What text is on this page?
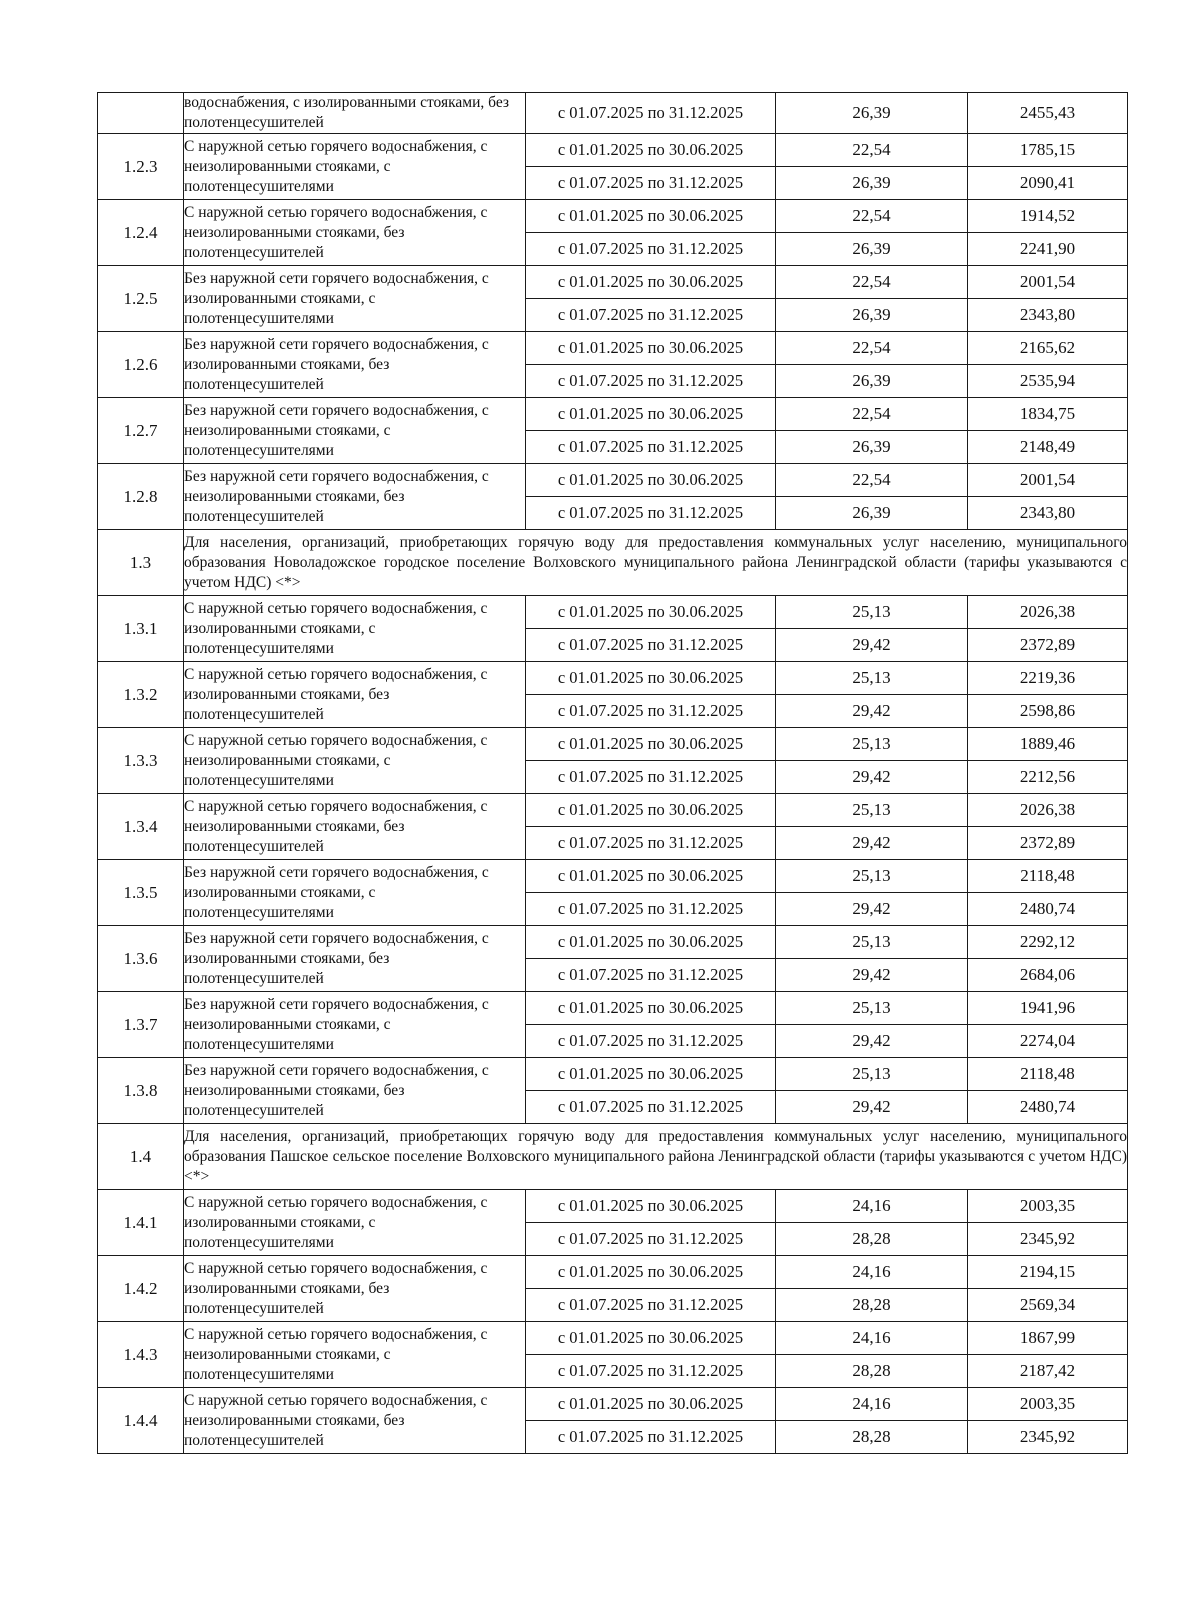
	водоснабжения, с изолированными стояками, без полотенцесушителей	с 01.07.2025 по 31.12.2025	26,39	2455,43
1.2.3	С наружной сетью горячего водоснабжения, с неизолированными стояками, с полотенцесушителями	с 01.01.2025 по 30.06.2025	22,54	1785,15
		с 01.07.2025 по 31.12.2025	26,39	2090,41
1.2.4	С наружной сетью горячего водоснабжения, с неизолированными стояками, без полотенцесушителей	с 01.01.2025 по 30.06.2025	22,54	1914,52
		с 01.07.2025 по 31.12.2025	26,39	2241,90
1.2.5	Без наружной сети горячего водоснабжения, с изолированными стояками, с полотенцесушителями	с 01.01.2025 по 30.06.2025	22,54	2001,54
		с 01.07.2025 по 31.12.2025	26,39	2343,80
1.2.6	Без наружной сети горячего водоснабжения, с изолированными стояками, без полотенцесушителей	с 01.01.2025 по 30.06.2025	22,54	2165,62
		с 01.07.2025 по 31.12.2025	26,39	2535,94
1.2.7	Без наружной сети горячего водоснабжения, с неизолированными стояками, с полотенцесушителями	с 01.01.2025 по 30.06.2025	22,54	1834,75
		с 01.07.2025 по 31.12.2025	26,39	2148,49
1.2.8	Без наружной сети горячего водоснабжения, с неизолированными стояками, без полотенцесушителей	с 01.01.2025 по 30.06.2025	22,54	2001,54
		с 01.07.2025 по 31.12.2025	26,39	2343,80
1.3	Для населения, организаций, приобретающих горячую воду для предоставления коммунальных услуг населению, муниципального образования Новоладожское городское поселение Волховского муниципального района Ленинградской области (тарифы указываются с учетом НДС) <*>			
1.3.1	С наружной сетью горячего водоснабжения, с изолированными стояками, с полотенцесушителями	с 01.01.2025 по 30.06.2025	25,13	2026,38
		с 01.07.2025 по 31.12.2025	29,42	2372,89
1.3.2	С наружной сетью горячего водоснабжения, с изолированными стояками, без полотенцесушителей	с 01.01.2025 по 30.06.2025	25,13	2219,36
		с 01.07.2025 по 31.12.2025	29,42	2598,86
1.3.3	С наружной сетью горячего водоснабжения, с неизолированными стояками, с полотенцесушителями	с 01.01.2025 по 30.06.2025	25,13	1889,46
		с 01.07.2025 по 31.12.2025	29,42	2212,56
1.3.4	С наружной сетью горячего водоснабжения, с неизолированными стояками, без полотенцесушителей	с 01.01.2025 по 30.06.2025	25,13	2026,38
		с 01.07.2025 по 31.12.2025	29,42	2372,89
1.3.5	Без наружной сети горячего водоснабжения, с изолированными стояками, с полотенцесушителями	с 01.01.2025 по 30.06.2025	25,13	2118,48
		с 01.07.2025 по 31.12.2025	29,42	2480,74
1.3.6	Без наружной сети горячего водоснабжения, с изолированными стояками, без полотенцесушителей	с 01.01.2025 по 30.06.2025	25,13	2292,12
		с 01.07.2025 по 31.12.2025	29,42	2684,06
1.3.7	Без наружной сети горячего водоснабжения, с неизолированными стояками, с полотенцесушителями	с 01.01.2025 по 30.06.2025	25,13	1941,96
		с 01.07.2025 по 31.12.2025	29,42	2274,04
1.3.8	Без наружной сети горячего водоснабжения, с неизолированными стояками, без полотенцесушителей	с 01.01.2025 по 30.06.2025	25,13	2118,48
		с 01.07.2025 по 31.12.2025	29,42	2480,74
1.4	Для населения, организаций, приобретающих горячую воду для предоставления коммунальных услуг населению, муниципального образования Пашское сельское поселение Волховского муниципального района Ленинградской области (тарифы указываются с учетом НДС) <*>			
1.4.1	С наружной сетью горячего водоснабжения, с изолированными стояками, с полотенцесушителями	с 01.01.2025 по 30.06.2025	24,16	2003,35
		с 01.07.2025 по 31.12.2025	28,28	2345,92
1.4.2	С наружной сетью горячего водоснабжения, с изолированными стояками, без полотенцесушителей	с 01.01.2025 по 30.06.2025	24,16	2194,15
		с 01.07.2025 по 31.12.2025	28,28	2569,34
1.4.3	С наружной сетью горячего водоснабжения, с неизолированными стояками, с полотенцесушителями	с 01.01.2025 по 30.06.2025	24,16	1867,99
		с 01.07.2025 по 31.12.2025	28,28	2187,42
1.4.4	С наружной сетью горячего водоснабжения, с неизолированными стояками, без полотенцесушителей	с 01.01.2025 по 30.06.2025	24,16	2003,35
		с 01.07.2025 по 31.12.2025	28,28	2345,92
